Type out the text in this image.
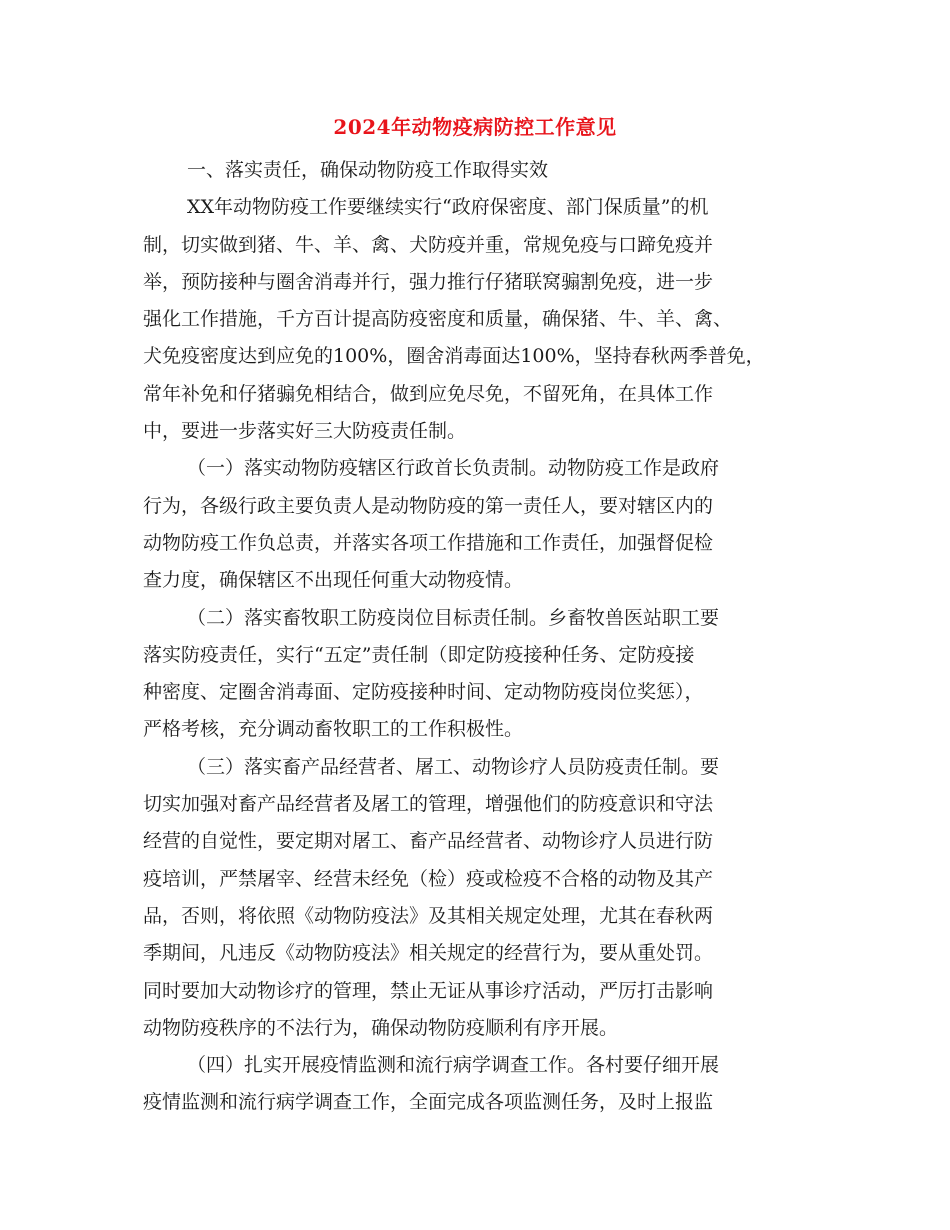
2024年动物疫病防控工作意见
一、落实责任，确保动物防疫工作取得实效
XX年动物防疫工作要继续实行“政府保密度、部门保质量”的机
制，切实做到猪、牛、羊、禽、犬防疫并重，常规免疫与口蹄免疫并
举，预防接种与圈舍消毒并行，强力推行仔猪联窝骟割免疫，进一步
强化工作措施，千方百计提高防疫密度和质量，确保猪、牛、羊、禽、
犬免疫密度达到应免的100%，圈舍消毒面达100%，坚持春秋两季普免，
常年补免和仔猪骟免相结合，做到应免尽免，不留死角，在具体工作
中，要进一步落实好三大防疫责任制。
（一）落实动物防疫辖区行政首长负责制。动物防疫工作是政府
行为，各级行政主要负责人是动物防疫的第一责任人，要对辖区内的
动物防疫工作负总责，并落实各项工作措施和工作责任，加强督促检
查力度，确保辖区不出现任何重大动物疫情。
（二）落实畜牧职工防疫岗位目标责任制。乡畜牧兽医站职工要
落实防疫责任，实行“五定”责任制（即定防疫接种任务、定防疫接
种密度、定圈舍消毒面、定防疫接种时间、定动物防疫岗位奖惩），
严格考核，充分调动畜牧职工的工作积极性。
（三）落实畜产品经营者、屠工、动物诊疗人员防疫责任制。要
切实加强对畜产品经营者及屠工的管理，增强他们的防疫意识和守法
经营的自觉性，要定期对屠工、畜产品经营者、动物诊疗人员进行防
疫培训，严禁屠宰、经营未经免（检）疫或检疫不合格的动物及其产
品，否则，将依照《动物防疫法》及其相关规定处理，尤其在春秋两
季期间，凡违反《动物防疫法》相关规定的经营行为，要从重处罚。
同时要加大动物诊疗的管理，禁止无证从事诊疗活动，严厉打击影响
动物防疫秩序的不法行为，确保动物防疫顺利有序开展。
（四）扎实开展疫情监测和流行病学调查工作。各村要仔细开展
疫情监测和流行病学调查工作，全面完成各项监测任务，及时上报监
